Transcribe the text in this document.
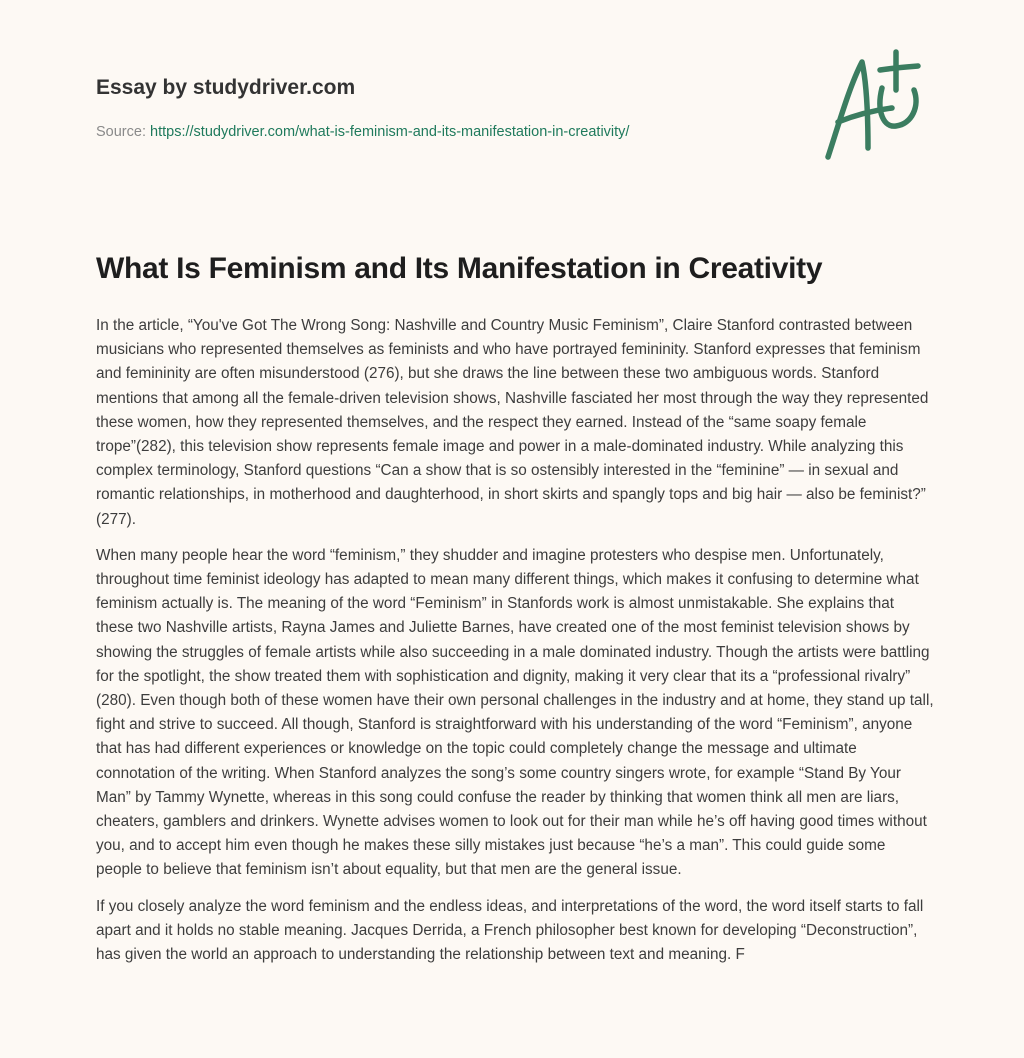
Essay by studydriver.com
Source: https://studydriver.com/what-is-feminism-and-its-manifestation-in-creativity/
What Is Feminism and Its Manifestation in Creativity

In the article, “You've Got The Wrong Song: Nashville and Country Music Feminism”, Claire Stanford contrasted between musicians who represented themselves as feminists and who have portrayed femininity. Stanford expresses that feminism and femininity are often misunderstood (276), but she draws the line between these two ambiguous words. Stanford mentions that among all the female-driven television shows, Nashville fasciated her most through the way they represented these women, how they represented themselves, and the respect they earned. Instead of the “same soapy female trope”(282), this television show represents female image and power in a male-dominated industry. While analyzing this complex terminology, Stanford questions “Can a show that is so ostensibly interested in the “feminine” — in sexual and romantic relationships, in motherhood and daughterhood, in short skirts and spangly tops and big hair — also be feminist?” (277).

When many people hear the word “feminism,” they shudder and imagine protesters who despise men. Unfortunately, throughout time feminist ideology has adapted to mean many different things, which makes it confusing to determine what feminism actually is. The meaning of the word “Feminism” in Stanfords work is almost unmistakable. She explains that these two Nashville artists, Rayna James and Juliette Barnes, have created one of the most feminist television shows by showing the struggles of female artists while also succeeding in a male dominated industry. Though the artists were battling for the spotlight, the show treated them with sophistication and dignity, making it very clear that its a “professional rivalry” (280). Even though both of these women have their own personal challenges in the industry and at home, they stand up tall, fight and strive to succeed. All though, Stanford is straightforward with his understanding of the word “Feminism”, anyone that has had different experiences or knowledge on the topic could completely change the message and ultimate connotation of the writing. When Stanford analyzes the song’s some country singers wrote, for example “Stand By Your Man” by Tammy Wynette, whereas in this song could confuse the reader by thinking that women think all men are liars, cheaters, gamblers and drinkers. Wynette advises women to look out for their man while he’s off having good times without you, and to accept him even though he makes these silly mistakes just because “he’s a man”. This could guide some people to believe that feminism isn’t about equality, but that men are the general issue.

If you closely analyze the word feminism and the endless ideas, and interpretations of the word, the word itself starts to fall apart and it holds no stable meaning. Jacques Derrida, a French philosopher best known for developing “Deconstruction”, has given the world an approach to understanding the relationship between text and meaning. F
